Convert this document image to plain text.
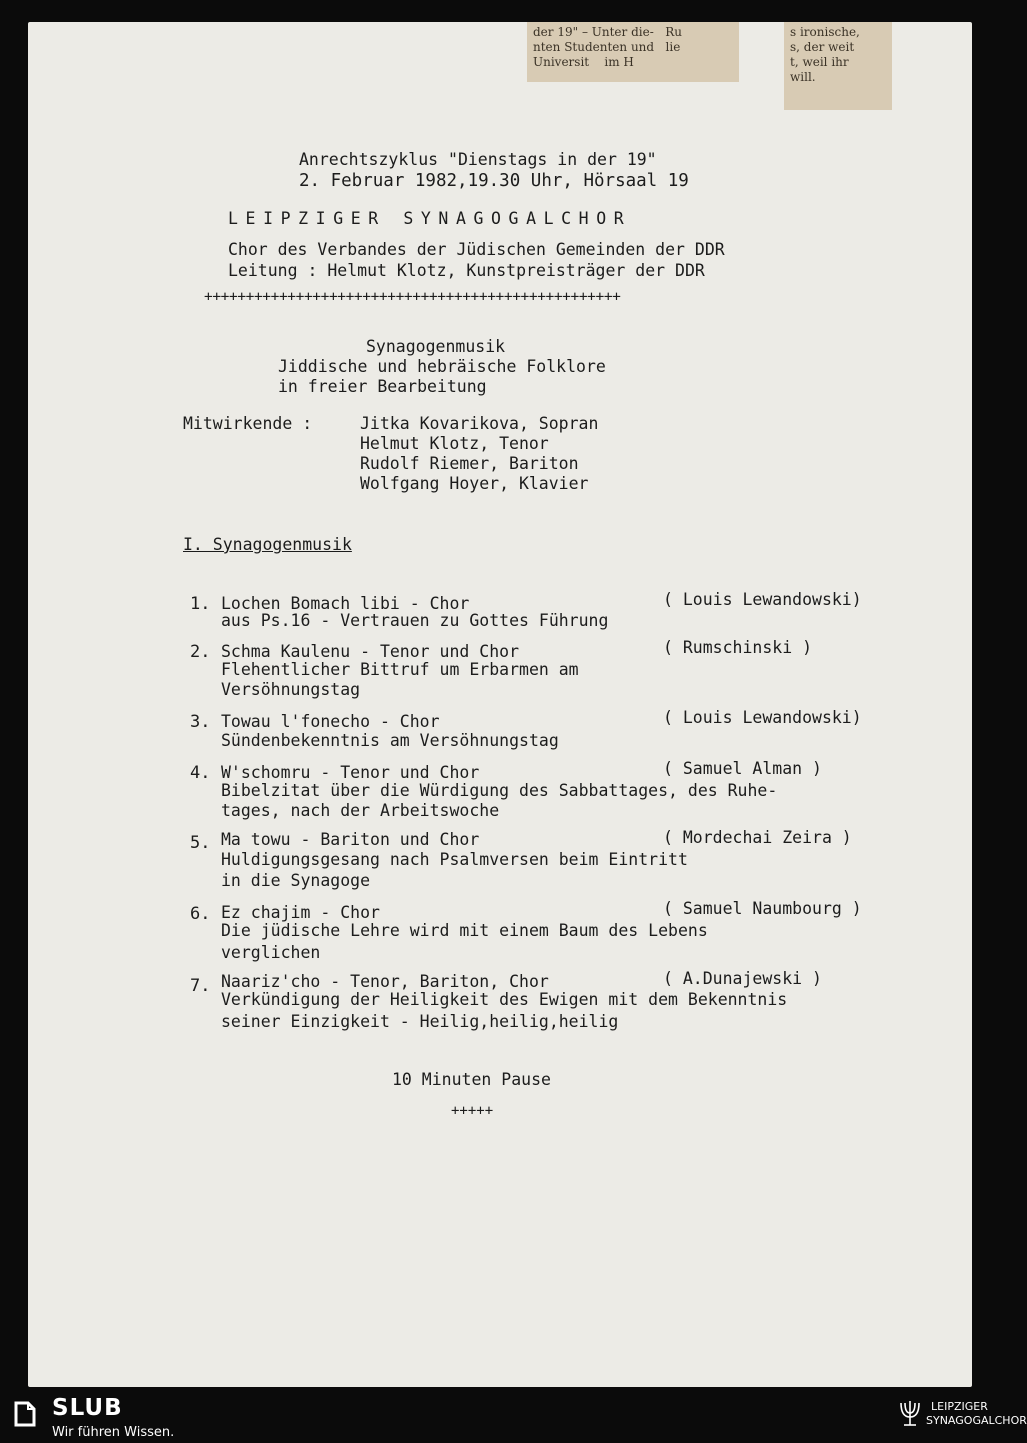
der 19" – Unter die-   Ru
nten Studenten und   lie
Universit    im H
s ironische,
s, der weit
t, weil ihr
will.
Anrechtszyklus "Dienstags in der 19"
2. Februar 1982,19.30 Uhr, Hörsaal 19
LEIPZIGER SYNAGOGALCHOR
Chor des Verbandes der Jüdischen Gemeinden der DDR
Leitung : Helmut Klotz, Kunstpreisträger der DDR
++++++++++++++++++++++++++++++++++++++++++++++++++
Synagogenmusik
Jiddische und hebräische Folklore
in freier Bearbeitung
Mitwirkende :	Jitka Kovarikova, Sopran
Helmut Klotz, Tenor
Rudolf Riemer, Bariton
Wolfgang Hoyer, Klavier
I. Synagogenmusik
1. Lochen Bomach libi - Chor	( Louis Lewandowski)
aus Ps.16 - Vertrauen zu Gottes Führung
2. Schma Kaulenu - Tenor und Chor	( Rumschinski )
Flehentlicher Bittruf um Erbarmen am
Versöhnungstag
3. Towau l'fonecho - Chor	( Louis Lewandowski)
Sündenbekenntnis am Versöhnungstag
4. W'schomru - Tenor und Chor	( Samuel Alman )
Bibelzitat über die Würdigung des Sabbattages, des Ruhe-
tages, nach der Arbeitswoche
5. Ma towu - Bariton und Chor	( Mordechai Zeira )
Huldigungsgesang nach Psalmversen beim Eintritt
in die Synagoge
6. Ez chajim - Chor	( Samuel Naumbourg )
Die jüdische Lehre wird mit einem Baum des Lebens
verglichen
7. Naariz'cho - Tenor, Bariton, Chor	( A.Dunajewski )
Verkündigung der Heiligkeit des Ewigen mit dem Bekenntnis
seiner Einzigkeit - Heilig,heilig,heilig
10 Minuten Pause
+++++
SLUB
Wir führen Wissen.
LEIPZIGER
SYNAGOGALCHOR
